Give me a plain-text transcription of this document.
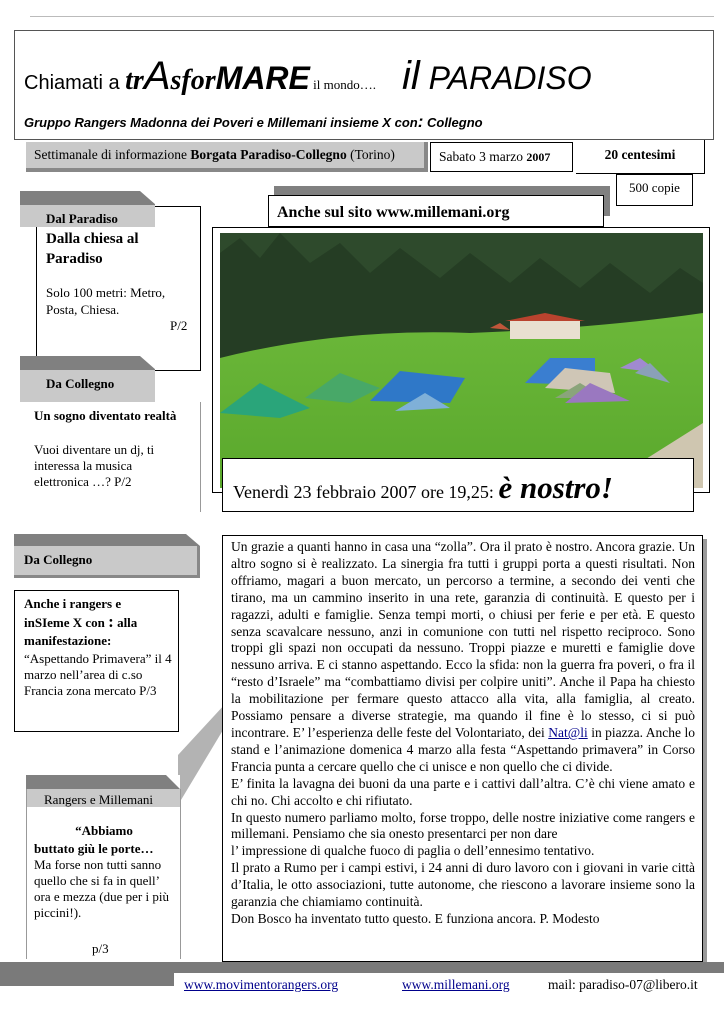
Chiamati a trAsforMARE il mondo…. il PARADISO
Gruppo Rangers Madonna dei Poveri e Millemani insieme X con: Collegno
Settimanale di informazione Borgata Paradiso-Collegno (Torino)	Sabato 3 marzo 2007	20 centesimi
500 copie
Anche sul sito www.millemani.org
Dal Paradiso
Dalla chiesa al Paradiso
Solo 100 metri: Metro, Posta, Chiesa.
P/2
Da Collegno
Un sogno diventato realtà
Vuoi diventare un dj, ti interessa la musica elettronica …? P/2
Venerdì 23 febbraio 2007 ore 19,25: è nostro!
Da Collegno
Anche i rangers e
inSIeme X con : alla
manifestazione:
“Aspettando Primavera” il 4 marzo nell’area di c.so Francia zona mercato P/3
Rangers e Millemani
“Abbiamo
buttato giù le porte…
Ma forse non tutti sanno quello che si fa in quell’ ora e mezza (due per i più piccini!).
p/3

Un grazie a quanti hanno in casa una “zolla”. Ora il prato è nostro. Ancora grazie. Un altro sogno si è realizzato. La sinergia fra tutti i gruppi porta a questi risultati. Non offriamo, magari a buon mercato, un percorso a termine, a secondo dei venti che tirano, ma un cammino inserito in una rete, garanzia di continuità. E questo per i ragazzi, adulti e famiglie. Senza tempi morti, o chiusi per ferie e per età. E questo senza scavalcare nessuno, anzi in comunione con tutti nel rispetto reciproco. Sono troppi gli spazi non occupati da nessuno. Troppi piazze e muretti e famiglie dove nessuno arriva. E ci stanno aspettando. Ecco la sfida: non la guerra fra poveri, o fra il “resto d’Israele” ma “combattiamo divisi per colpire uniti”. Anche il Papa ha chiesto la mobilitazione per fermare questo attacco alla vita, alla famiglia, al creato. Possiamo pensare a diverse strategie, ma quando il fine è lo stesso, ci si può incontrare. E’ l’esperienza delle feste del Volontariato, dei Nat@li in piazza. Anche lo stand e l’animazione domenica 4 marzo alla festa “Aspettando primavera” in Corso Francia punta a cercare quello che ci unisce e non quello che ci divide.

E’ finita la lavagna dei buoni da una parte e i cattivi dall’altra. C’è chi viene amato e chi no. Chi accolto e chi rifiutato.

In questo numero parliamo molto, forse troppo, delle nostre iniziative come rangers e millemani. Pensiamo che sia onesto presentarci per non dare

l’ impressione di qualche fuoco di paglia o dell’ennesimo tentativo.

Il prato a Rumo per i campi estivi, i 24 anni di duro lavoro con i giovani in varie città d’Italia, le otto associazioni, tutte autonome, che riescono a lavorare insieme sono la garanzia che chiamiamo continuità.

Don Bosco ha inventato tutto questo. E funziona ancora. P. Modesto

www.movimentorangers.org	www.millemani.org	mail: paradiso-07@libero.it
